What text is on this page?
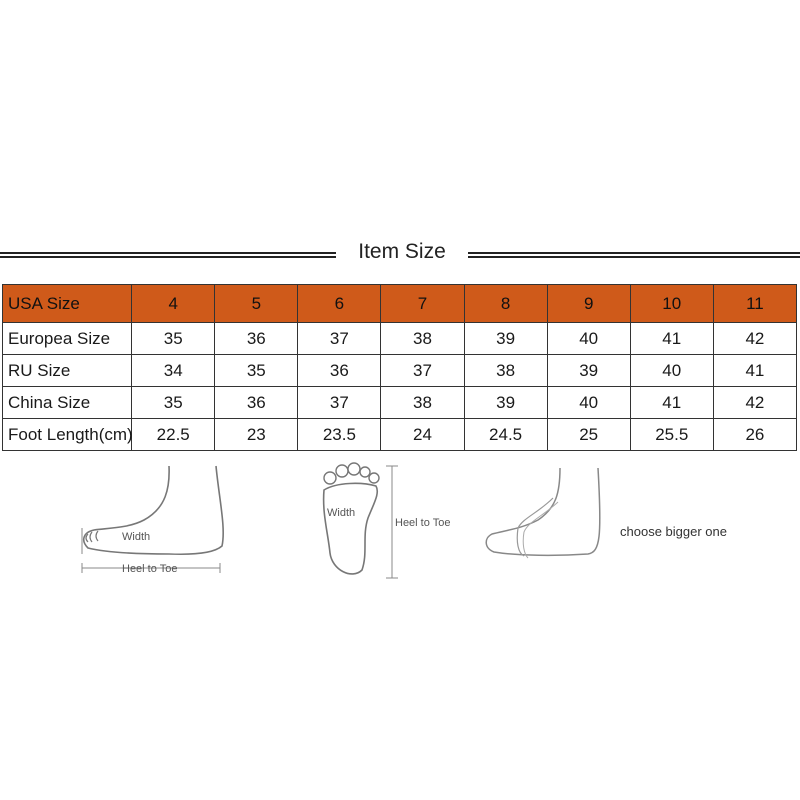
Item Size
USA Size	4	5	6	7	8	9	10	11
Europea Size	35	36	37	38	39	40	41	42
RU Size	34	35	36	37	38	39	40	41
China Size	35	36	37	38	39	40	41	42
Foot Length(cm)	22.5	23	23.5	24	24.5	25	25.5	26
Width
Heel to Toe
Width
Heel to Toe
choose bigger one
